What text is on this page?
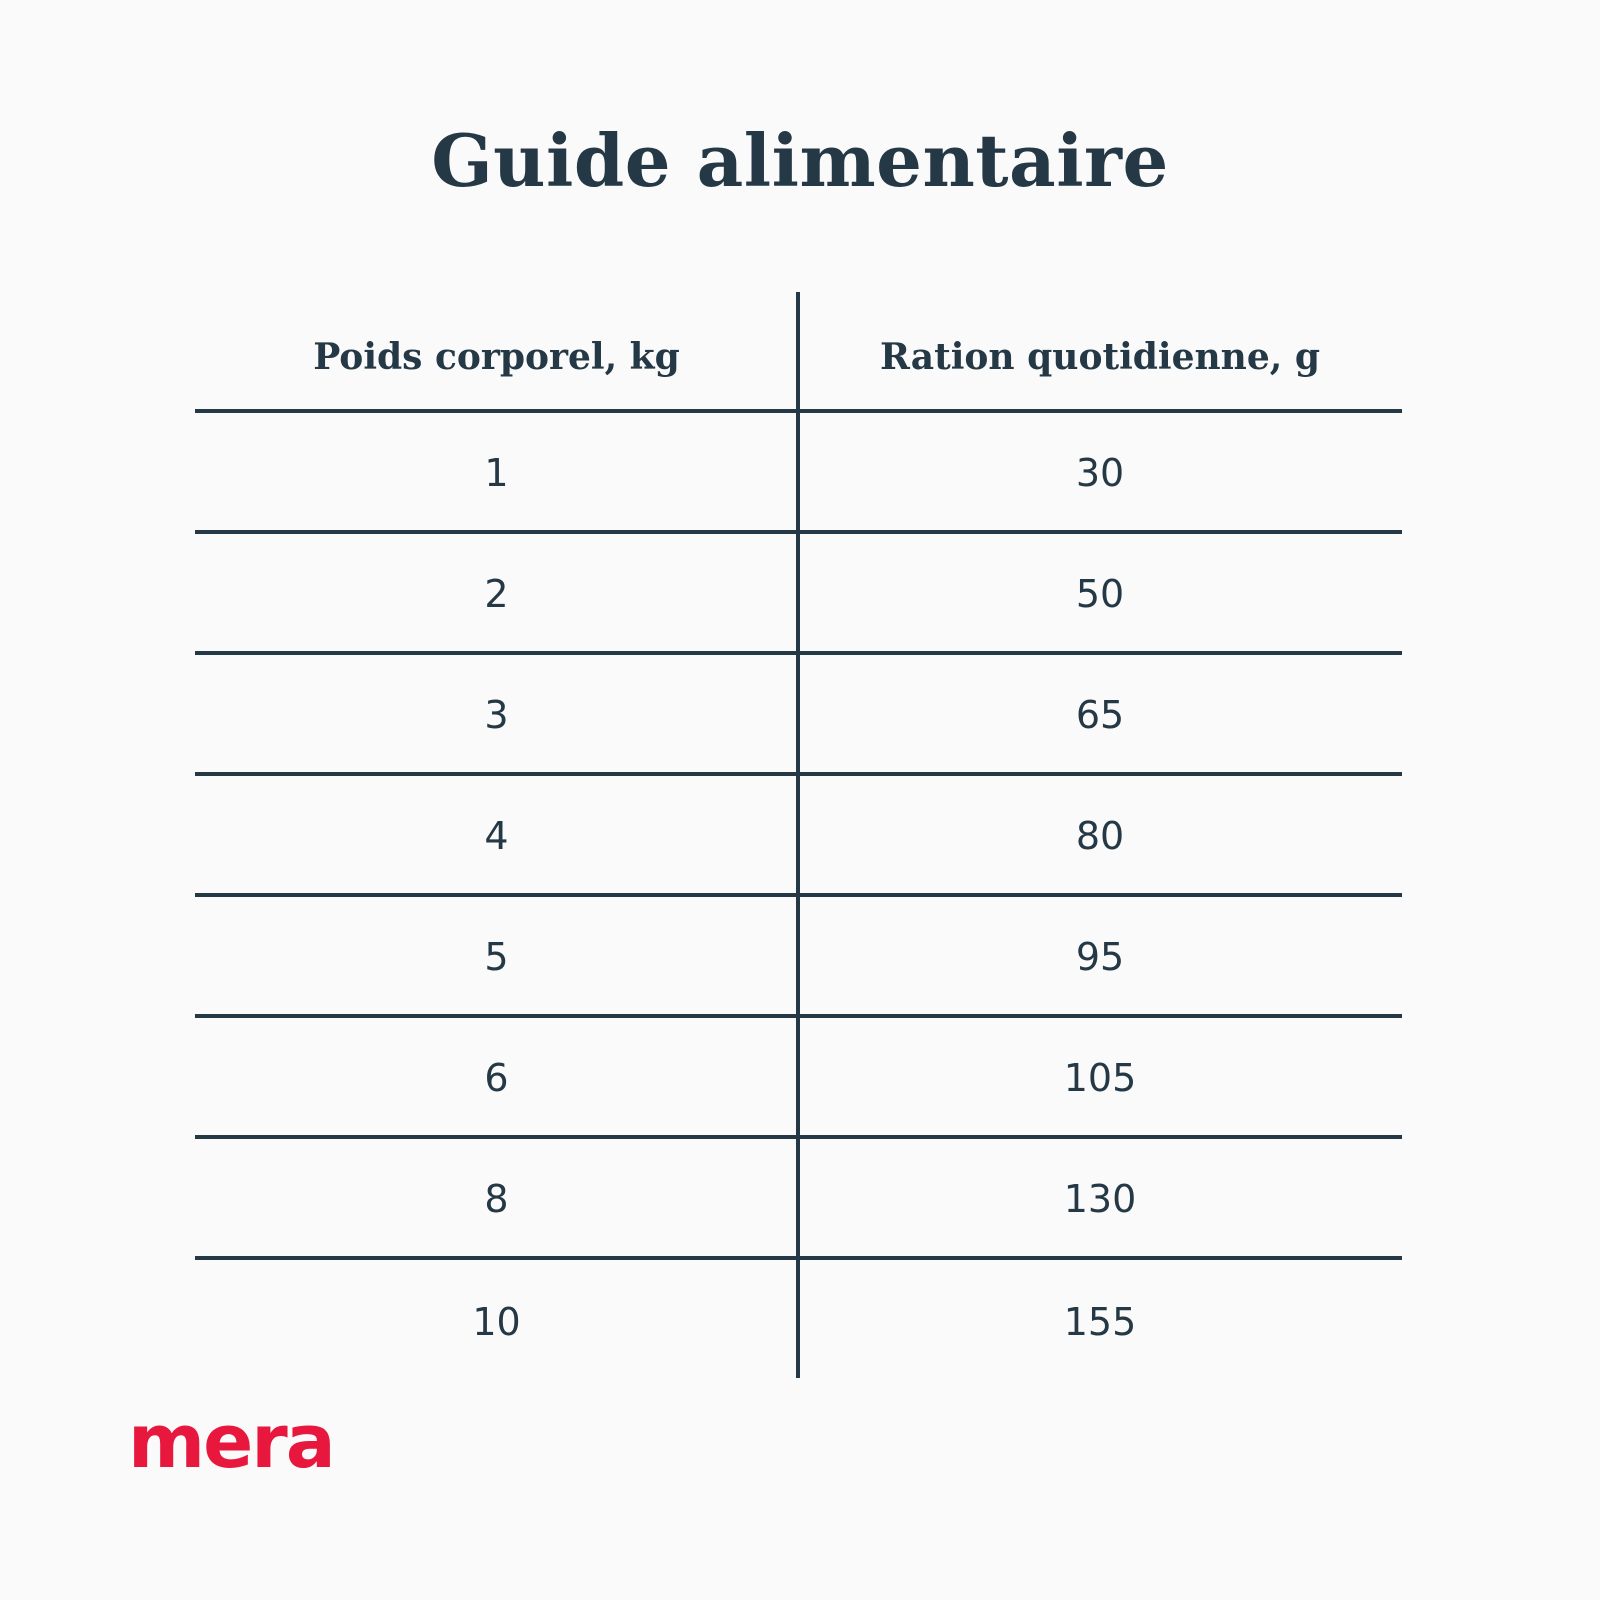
Guide alimentaire
Poids corporel, kg	Ration quotidienne, g
1	30
2	50
3	65
4	80
5	95
6	105
8	130
10	155
mera
